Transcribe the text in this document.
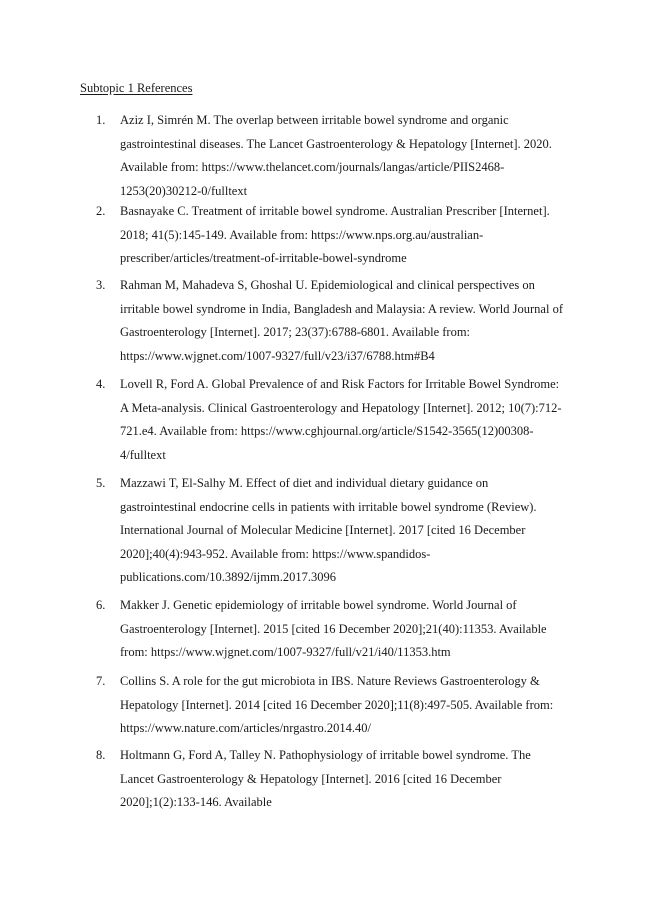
Subtopic 1 References
1.	Aziz I, Simrén M. The overlap between irritable bowel syndrome and organic gastrointestinal diseases. The Lancet Gastroenterology & Hepatology [Internet]. 2020. Available from: https://www.thelancet.com/journals/langas/article/PIIS2468-1253(20)30212-0/fulltext
2.	Basnayake C. Treatment of irritable bowel syndrome. Australian Prescriber [Internet]. 2018; 41(5):145-149. Available from: https://www.nps.org.au/australian-prescriber/articles/treatment-of-irritable-bowel-syndrome
3.	Rahman M, Mahadeva S, Ghoshal U. Epidemiological and clinical perspectives on irritable bowel syndrome in India, Bangladesh and Malaysia: A review. World Journal of Gastroenterology [Internet]. 2017; 23(37):6788-6801. Available from: https://www.wjgnet.com/1007-9327/full/v23/i37/6788.htm#B4
4.	Lovell R, Ford A. Global Prevalence of and Risk Factors for Irritable Bowel Syndrome: A Meta-analysis. Clinical Gastroenterology and Hepatology [Internet]. 2012; 10(7):712-721.e4. Available from: https://www.cghjournal.org/article/S1542-3565(12)00308-4/fulltext
5.	Mazzawi T, El-Salhy M. Effect of diet and individual dietary guidance on gastrointestinal endocrine cells in patients with irritable bowel syndrome (Review). International Journal of Molecular Medicine [Internet]. 2017 [cited 16 December 2020];40(4):943-952. Available from: https://www.spandidos-publications.com/10.3892/ijmm.2017.3096
6.	Makker J. Genetic epidemiology of irritable bowel syndrome. World Journal of Gastroenterology [Internet]. 2015 [cited 16 December 2020];21(40):11353. Available from: https://www.wjgnet.com/1007-9327/full/v21/i40/11353.htm
7.	Collins S. A role for the gut microbiota in IBS. Nature Reviews Gastroenterology & Hepatology [Internet]. 2014 [cited 16 December 2020];11(8):497-505. Available from: https://www.nature.com/articles/nrgastro.2014.40/
8.	Holtmann G, Ford A, Talley N. Pathophysiology of irritable bowel syndrome. The Lancet Gastroenterology & Hepatology [Internet]. 2016 [cited 16 December 2020];1(2):133-146. Available
